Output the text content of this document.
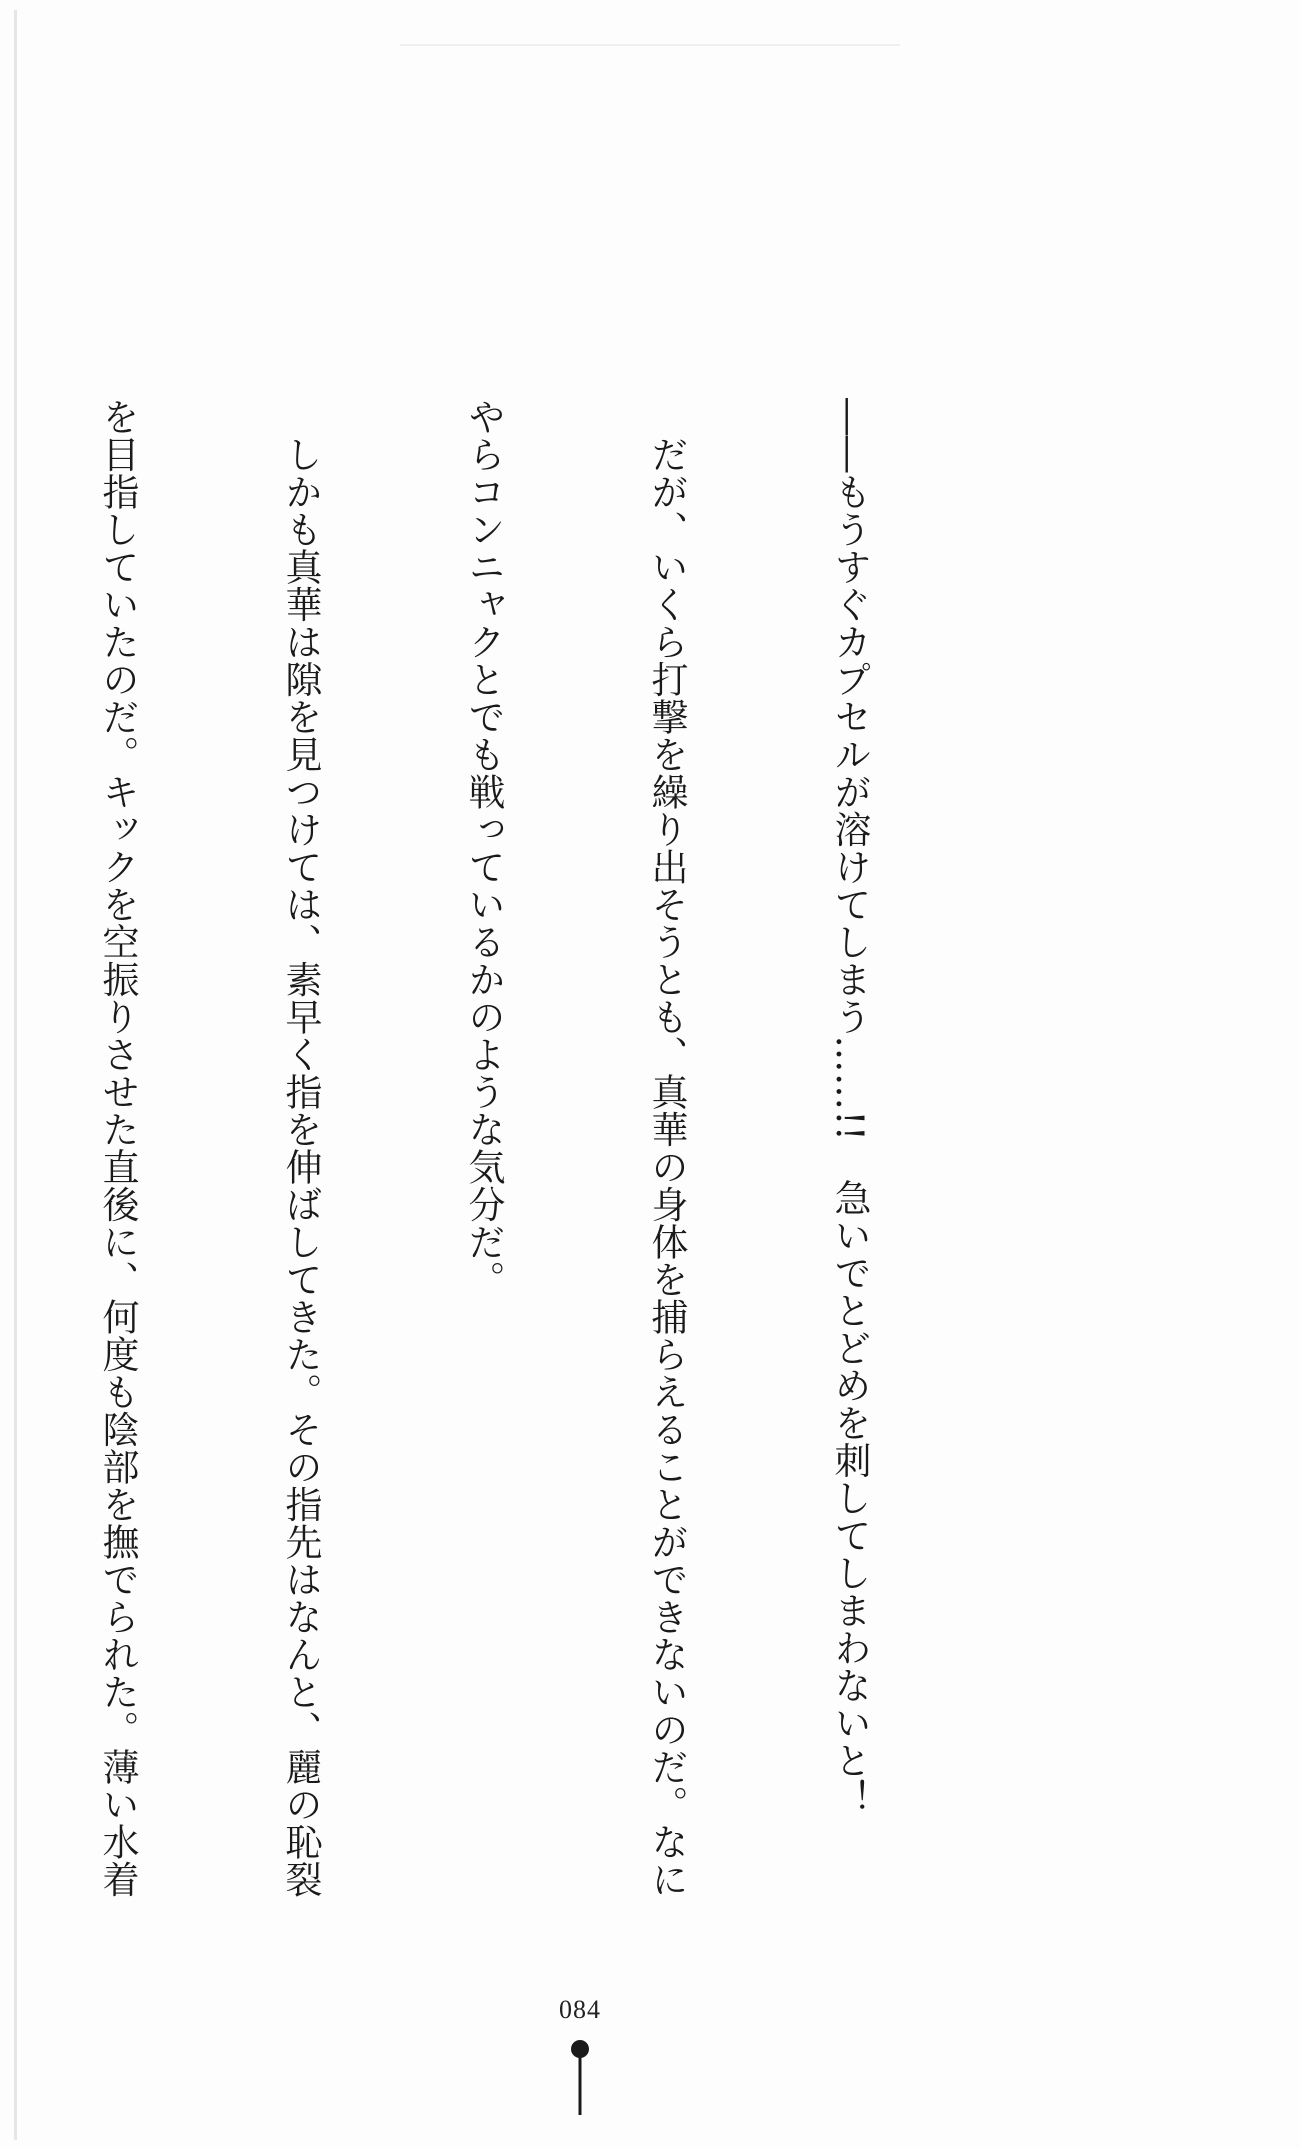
――もうすぐカプセルが溶けてしまう……!!　急いでとどめを刺してしまわないと！

　だが、いくら打撃を繰り出そうとも、真華の身体を捕らえることができないのだ。なに

やらコンニャクとでも戦っているかのような気分だ。

　しかも真華は隙を見つけては、素早く指を伸ばしてきた。その指先はなんと、麗の恥裂

を目指していたのだ。キックを空振りさせた直後に、何度も陰部を撫でられた。薄い水着

084
